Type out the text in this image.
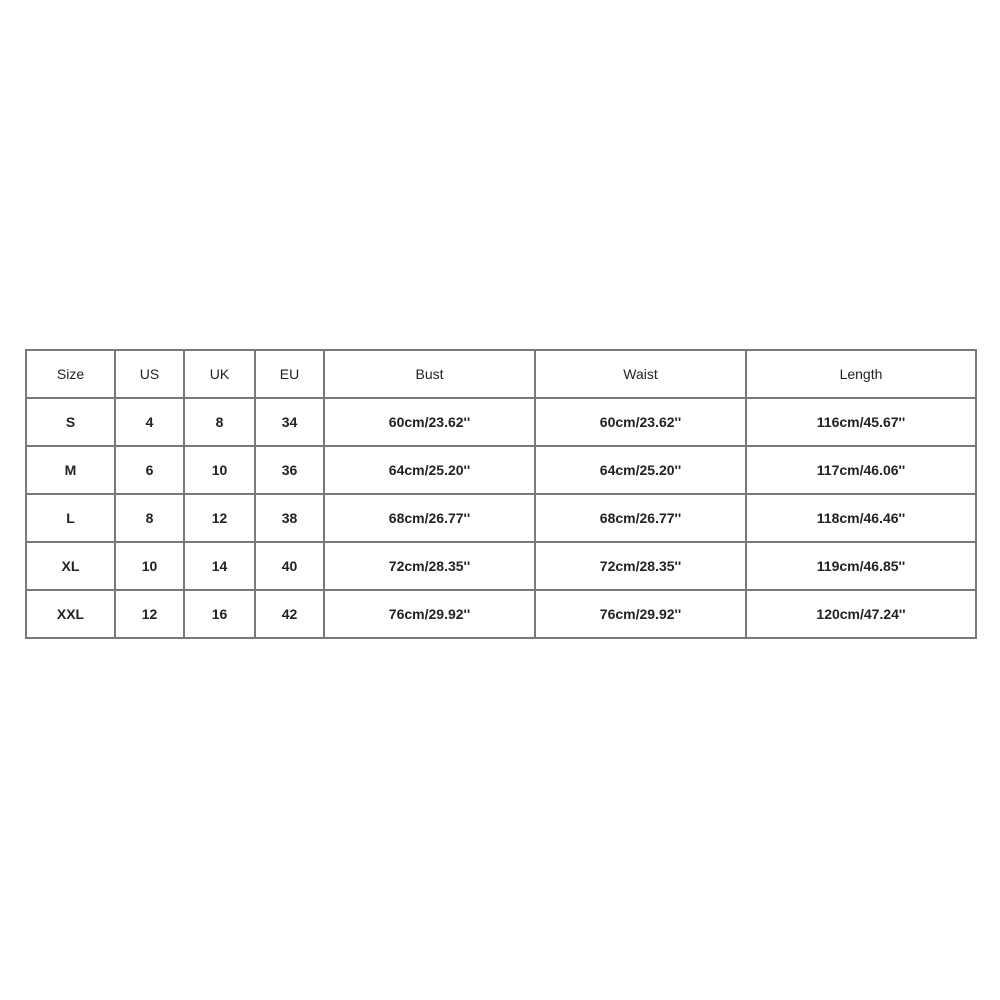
Size	US	UK	EU	Bust	Waist	Length
S	4	8	34	60cm/23.62''	60cm/23.62''	116cm/45.67''
M	6	10	36	64cm/25.20''	64cm/25.20''	117cm/46.06''
L	8	12	38	68cm/26.77''	68cm/26.77''	118cm/46.46''
XL	10	14	40	72cm/28.35''	72cm/28.35''	119cm/46.85''
XXL	12	16	42	76cm/29.92''	76cm/29.92''	120cm/47.24''
